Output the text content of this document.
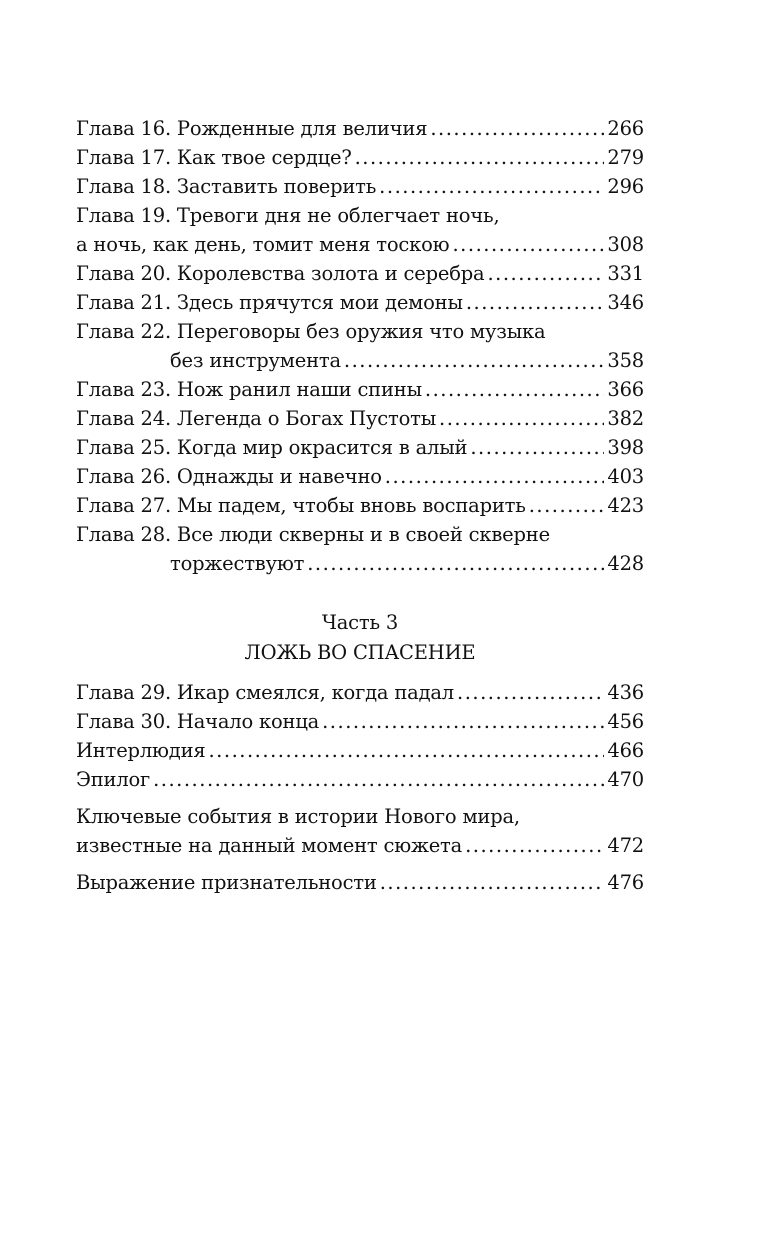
Глава 16. Рожденные для величия .....	266
Глава 17. Как твое сердце? .....	279
Глава 18. Заставить поверить .....	296
Глава 19. Тревоги дня не облегчает ночь,
а ночь, как день, томит меня тоскою .....	308
Глава 20. Королевства золота и серебра .....	331
Глава 21. Здесь прячутся мои демоны .....	346
Глава 22. Переговоры без оружия что музыка
без инструмента .....	358
Глава 23. Нож ранил наши спины .....	366
Глава 24. Легенда о Богах Пустоты .....	382
Глава 25. Когда мир окрасится в алый .....	398
Глава 26. Однажды и навечно .....	403
Глава 27. Мы падем, чтобы вновь воспарить .....	423
Глава 28. Все люди скверны и в своей скверне
торжествуют .....	428
Часть 3
ЛОЖЬ ВО СПАСЕНИЕ
Глава 29. Икар смеялся, когда падал .....	436
Глава 30. Начало конца .....	456
Интерлюдия .....	466
Эпилог .....	470
Ключевые события в истории Нового мира,
известные на данный момент сюжета .....	472
Выражение признательности .....	476
